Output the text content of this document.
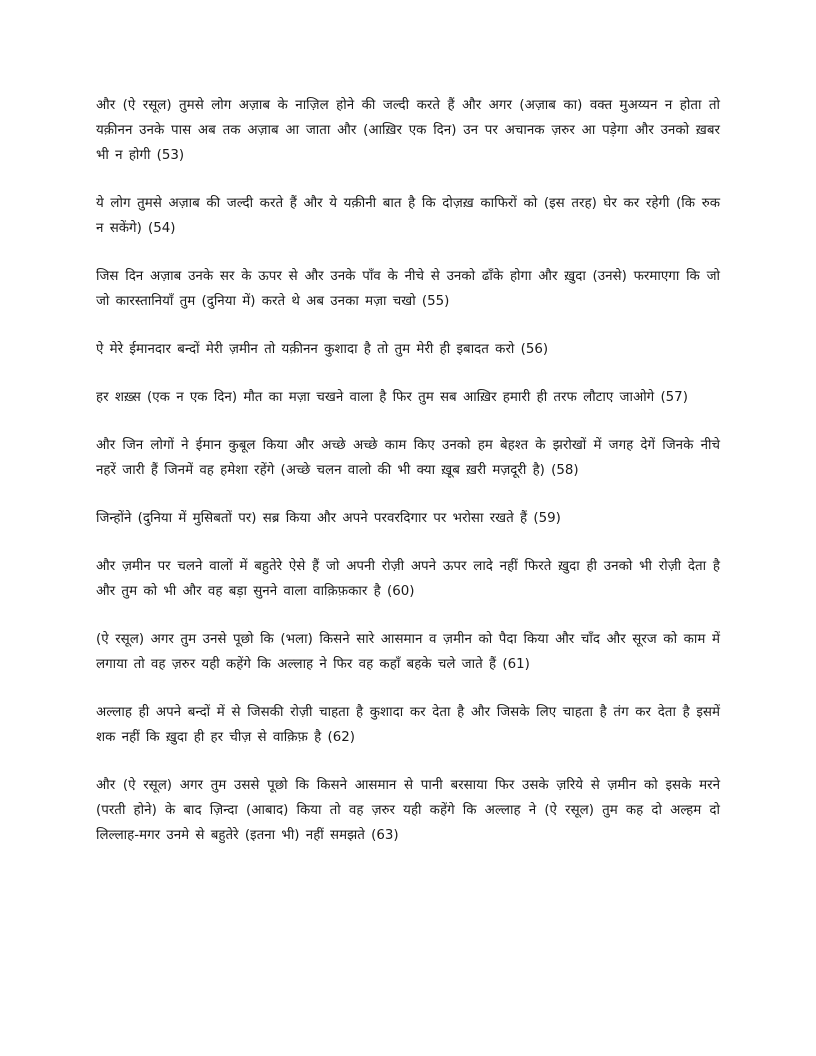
और (ऐ रसूल) तुमसे लोग अज़ाब के नाज़िल होने की जल्दी करते हैं और अगर (अज़ाब का) वक्त मुअय्यन न होता तो यक़ीनन उनके पास अब तक अज़ाब आ जाता और (आख़िर एक दिन) उन पर अचानक ज़रुर आ पड़ेगा और उनको ख़बर भी न होगी (53)

ये लोग तुमसे अज़ाब की जल्दी करते हैं और ये यक़ीनी बात है कि दोज़ख़ काफिरों को (इस तरह) घेर कर रहेगी (कि रुक न सकेंगे) (54)

जिस दिन अज़ाब उनके सर के ऊपर से और उनके पाँव के नीचे से उनको ढाँके होगा और ख़ुदा (उनसे) फरमाएगा कि जो जो कारस्तानियाँ तुम (दुनिया में) करते थे अब उनका मज़ा चखो (55)

ऐ मेरे ईमानदार बन्दों मेरी ज़मीन तो यक़ीनन कुशादा है तो तुम मेरी ही इबादत करो (56)

हर शख़्स (एक न एक दिन) मौत का मज़ा चखने वाला है फिर तुम सब आख़िर हमारी ही तरफ लौटाए जाओगे (57)

और जिन लोगों ने ईमान कुबूल किया और अच्छे अच्छे काम किए उनको हम बेहश्त के झरोखों में जगह देगें जिनके नीचे नहरें जारी हैं जिनमें वह हमेशा रहेंगे (अच्छे चलन वालो की भी क्या ख़ूब ख़री मज़दूरी है) (58)

जिन्होंने (दुनिया में मुसिबतों पर) सब्र किया और अपने परवरदिगार पर भरोसा रखते हैं (59)

और ज़मीन पर चलने वालों में बहुतेरे ऐसे हैं जो अपनी रोज़ी अपने ऊपर लादे नहीं फिरते ख़ुदा ही उनको भी रोज़ी देता है और तुम को भी और वह बड़ा सुनने वाला वाक़िफ़कार है (60)

(ऐ रसूल) अगर तुम उनसे पूछो कि (भला) किसने सारे आसमान व ज़मीन को पैदा किया और चाँद और सूरज को काम में लगाया तो वह ज़रुर यही कहेंगे कि अल्लाह ने फिर वह कहाँ बहके चले जाते हैं (61)

अल्लाह ही अपने बन्दों में से जिसकी रोज़ी चाहता है कुशादा कर देता है और जिसके लिए चाहता है तंग कर देता है इसमें शक नहीं कि ख़ुदा ही हर चीज़ से वाक़िफ़ है (62)

और (ऐ रसूल) अगर तुम उससे पूछो कि किसने आसमान से पानी बरसाया फिर उसके ज़रिये से ज़मीन को इसके मरने (परती होने) के बाद ज़िन्दा (आबाद) किया तो वह ज़रुर यही कहेंगे कि अल्लाह ने (ऐ रसूल) तुम कह दो अल्हम दो लिल्लाह-मगर उनमे से बहुतेरे (इतना भी) नहीं समझते (63)
